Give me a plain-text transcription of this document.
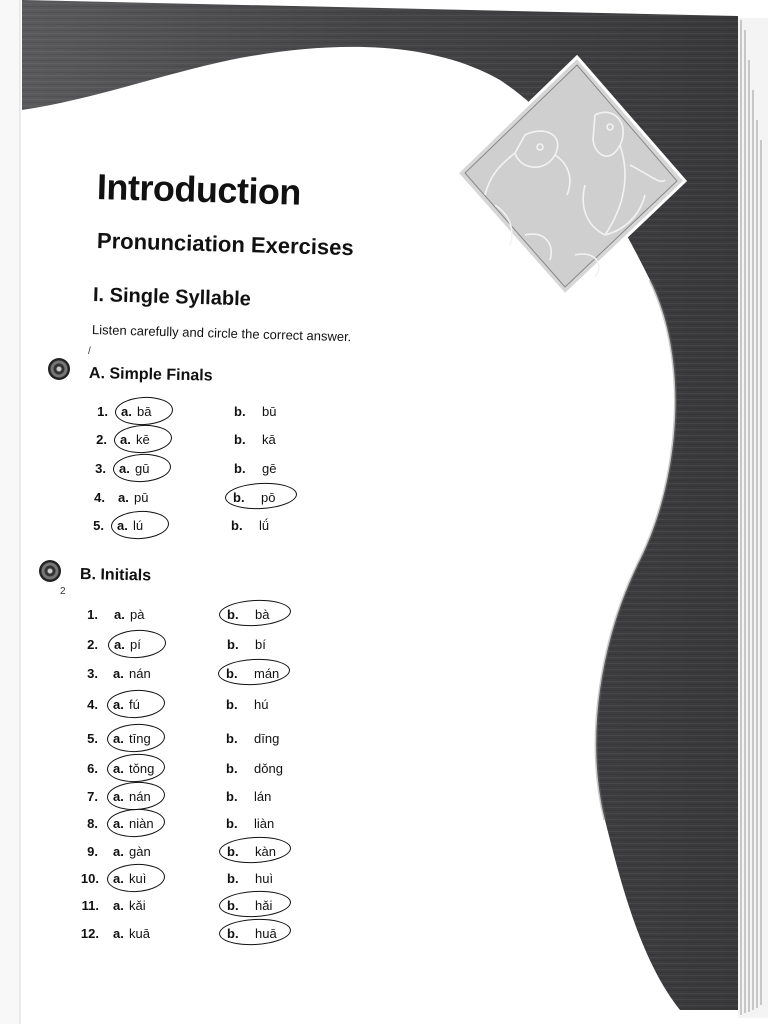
Introduction
Pronunciation Exercises
I. Single Syllable
Listen carefully and circle the correct answer.
A. Simple Finals
B. Initials
1. a. bā	b. bū
2. a. kē	b. kā
3. a. gū	b. gē
4. a. pū	b. pō
5. a. lú	b. lǘ
1. a. pà	b. bà
2. a. pí	b. bí
3. a. nán	b. mán
4. a. fú	b. hú
5. a. tīng	b. dīng
6. a. tǒng	b. dǒng
7. a. nán	b. lán
8. a. niàn	b. liàn
9. a. gàn	b. kàn
10. a. kuì	b. huì
11. a. kǎi	b. hǎi
12. a. kuā	b. huā
/
2
